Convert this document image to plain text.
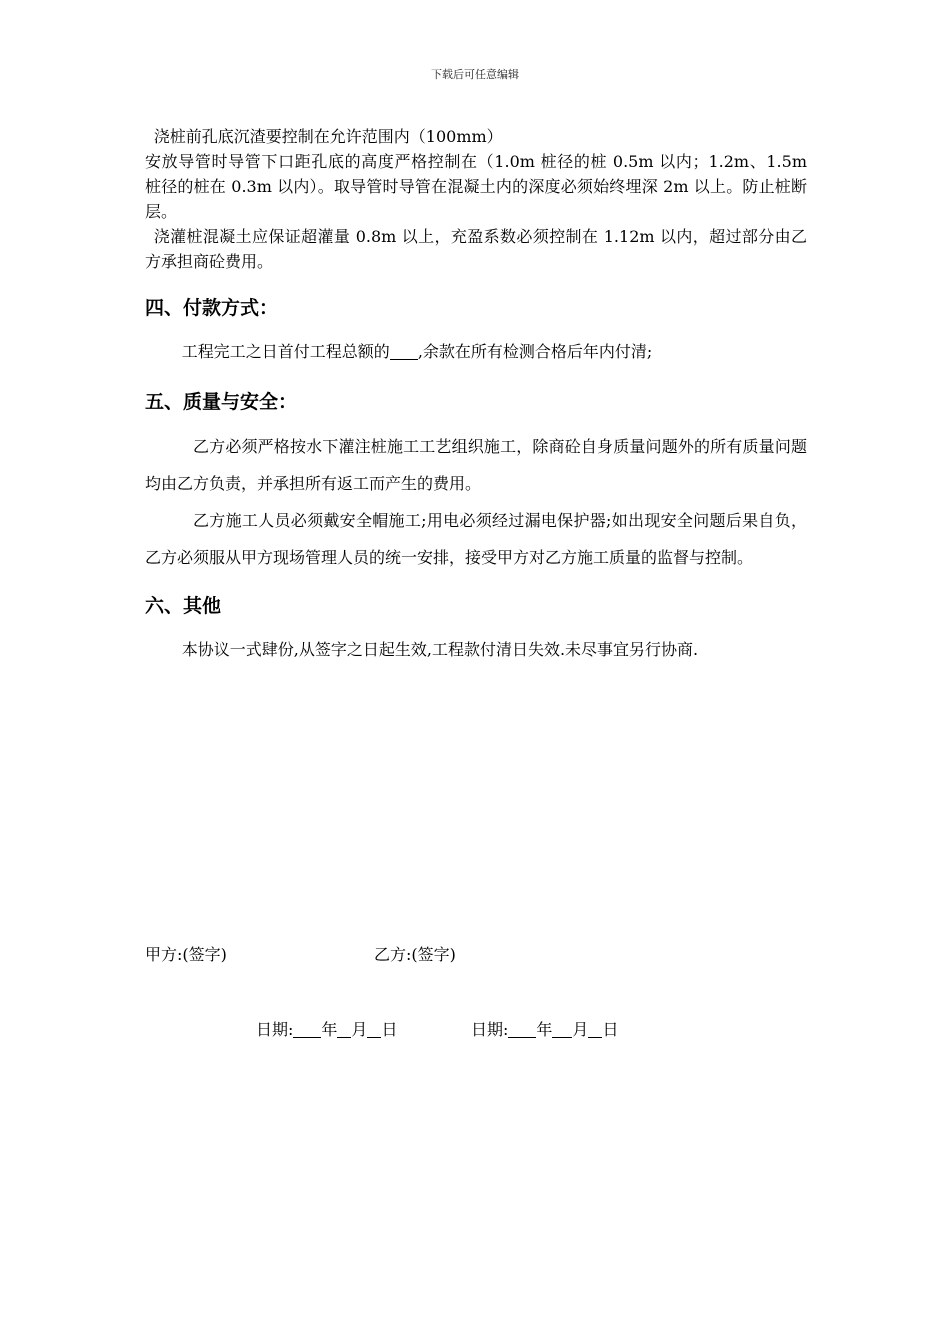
下载后可任意编辑

浇桩前孔底沉渣要控制在允许范围内（100mm）

安放导管时导管下口距孔底的高度严格控制在（1.0m 桩径的桩 0.5m 以内；1.2m、1.5m 桩径的桩在 0.3m 以内）。取导管时导管在混凝土内的深度必须始终埋深 2m 以上。防止桩断层。

浇灌桩混凝土应保证超灌量 0.8m 以上，充盈系数必须控制在 1.12m 以内，超过部分由乙方承担商砼费用。

四、付款方式：

工程完工之日首付工程总额的 ,余款在所有检测合格后年内付清;

五、质量与安全：

乙方必须严格按水下灌注桩施工工艺组织施工，除商砼自身质量问题外的所有质量问题均由乙方负责，并承担所有返工而产生的费用。

乙方施工人员必须戴安全帽施工;用电必须经过漏电保护器;如出现安全问题后果自负，乙方必须服从甲方现场管理人员的统一安排，接受甲方对乙方施工质量的监督与控制。

六、其他

本协议一式肆份,从签字之日起生效,工程款付清日失效.未尽事宜另行协商.

甲方:(签字)	乙方:(签字)
日期: 年 月 日	日期: 年 月 日
